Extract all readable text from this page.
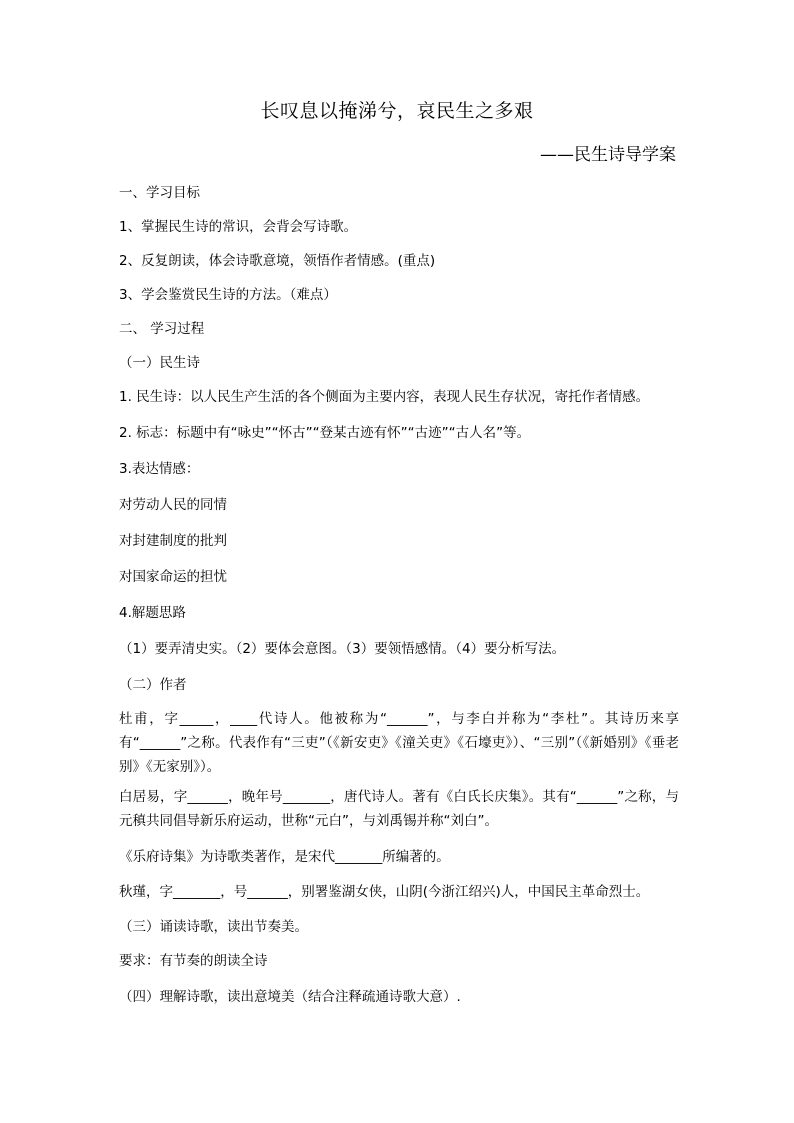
长叹息以掩涕兮，哀民生之多艰
——民生诗导学案
一、学习目标
1、掌握民生诗的常识，会背会写诗歌。
2、反复朗读，体会诗歌意境，领悟作者情感。(重点)
3、学会鉴赏民生诗的方法。（难点）
二、 学习过程
（一）民生诗
1. 民生诗：以人民生产生活的各个侧面为主要内容，表现人民生存状况，寄托作者情感。
2. 标志：标题中有“咏史”“怀古”“登某古迹有怀”“古迹”“古人名”等。
3.表达情感：
对劳动人民的同情
对封建制度的批判
对国家命运的担忧
4.解题思路
（1）要弄清史实。（2）要体会意图。（3）要领悟感情。（4）要分析写法。
（二）作者
杜甫，字_____，____代诗人。他被称为“______”，与李白并称为“李杜”。其诗历来享有“______”之称。代表作有“三吏”（《新安吏》《潼关吏》《石壕吏》）、“三别”（《新婚别》《垂老别》《无家别》）。
白居易，字______，晚年号_______，唐代诗人。著有《白氏长庆集》。其有“______”之称，与元稹共同倡导新乐府运动，世称“元白”，与刘禹锡并称“刘白”。
《乐府诗集》为诗歌类著作，是宋代_______所编著的。
秋瑾，字_______，号______，别署鉴湖女侠，山阴(今浙江绍兴)人，中国民主革命烈士。
（三）诵读诗歌，读出节奏美。
要求：有节奏的朗读全诗
（四）理解诗歌，读出意境美（结合注释疏通诗歌大意）.
